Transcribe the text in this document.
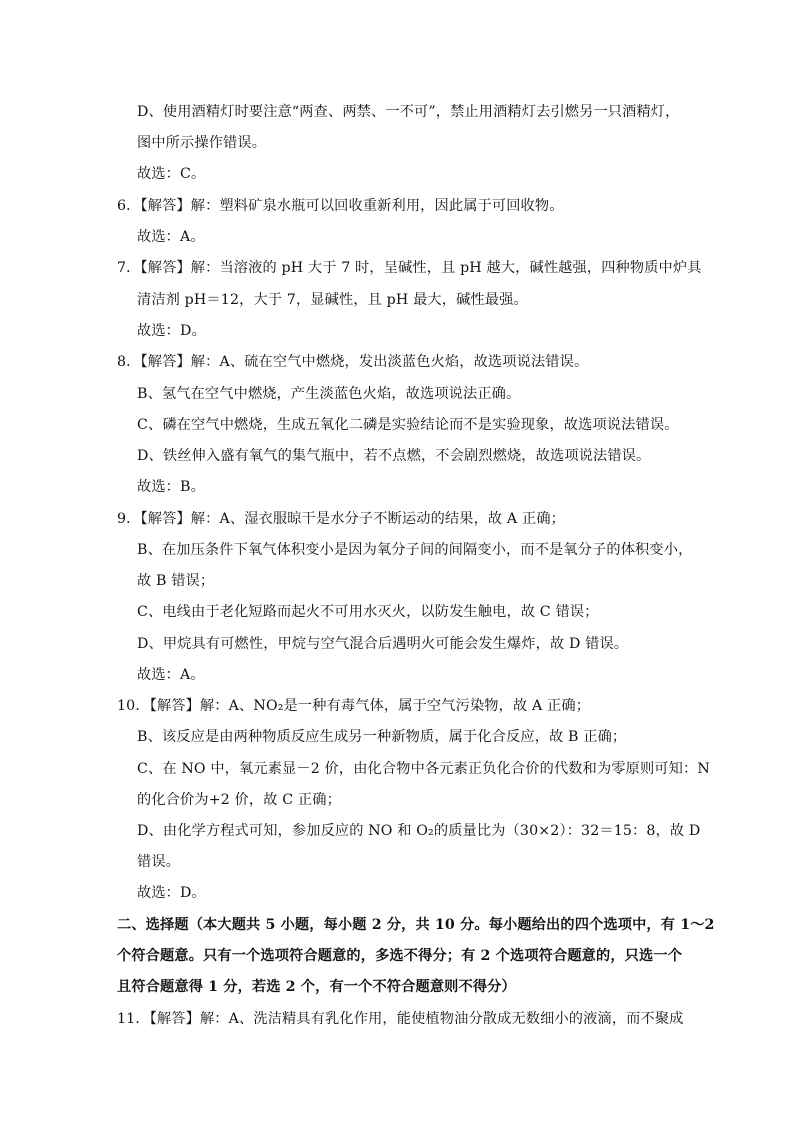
D、使用酒精灯时要注意“两查、两禁、一不可”，禁止用酒精灯去引燃另一只酒精灯，
图中所示操作错误。
故选：C。
6．【解答】解：塑料矿泉水瓶可以回收重新利用，因此属于可回收物。
故选：A。
7．【解答】解：当溶液的 pH 大于 7 时，呈碱性，且 pH 越大，碱性越强，四种物质中炉具
清洁剂 pH＝12，大于 7，显碱性，且 pH 最大，碱性最强。
故选：D。
8．【解答】解：A、硫在空气中燃烧，发出淡蓝色火焰，故选项说法错误。
B、氢气在空气中燃烧，产生淡蓝色火焰，故选项说法正确。
C、磷在空气中燃烧，生成五氧化二磷是实验结论而不是实验现象，故选项说法错误。
D、铁丝伸入盛有氧气的集气瓶中，若不点燃，不会剧烈燃烧，故选项说法错误。
故选：B。
9．【解答】解：A、湿衣服晾干是水分子不断运动的结果，故 A 正确；
B、在加压条件下氧气体积变小是因为氧分子间的间隔变小，而不是氧分子的体积变小，
故 B 错误；
C、电线由于老化短路而起火不可用水灭火，以防发生触电，故 C 错误；
D、甲烷具有可燃性，甲烷与空气混合后遇明火可能会发生爆炸，故 D 错误。
故选：A。
10．【解答】解：A、NO₂是一种有毒气体，属于空气污染物，故 A 正确；
B、该反应是由两种物质反应生成另一种新物质，属于化合反应，故 B 正确；
C、在 NO 中，氧元素显－2 价，由化合物中各元素正负化合价的代数和为零原则可知：N
的化合价为+2 价，故 C 正确；
D、由化学方程式可知，参加反应的 NO 和 O₂的质量比为（30×2）：32＝15：8，故 D
错误。
故选：D。
二、选择题（本大题共 5 小题，每小题 2 分，共 10 分。每小题给出的四个选项中，有 1～2
个符合题意。只有一个选项符合题意的，多选不得分；有 2 个选项符合题意的，只选一个
且符合题意得 1 分，若选 2 个，有一个不符合题意则不得分）
11．【解答】解：A、洗洁精具有乳化作用，能使植物油分散成无数细小的液滴，而不聚成
